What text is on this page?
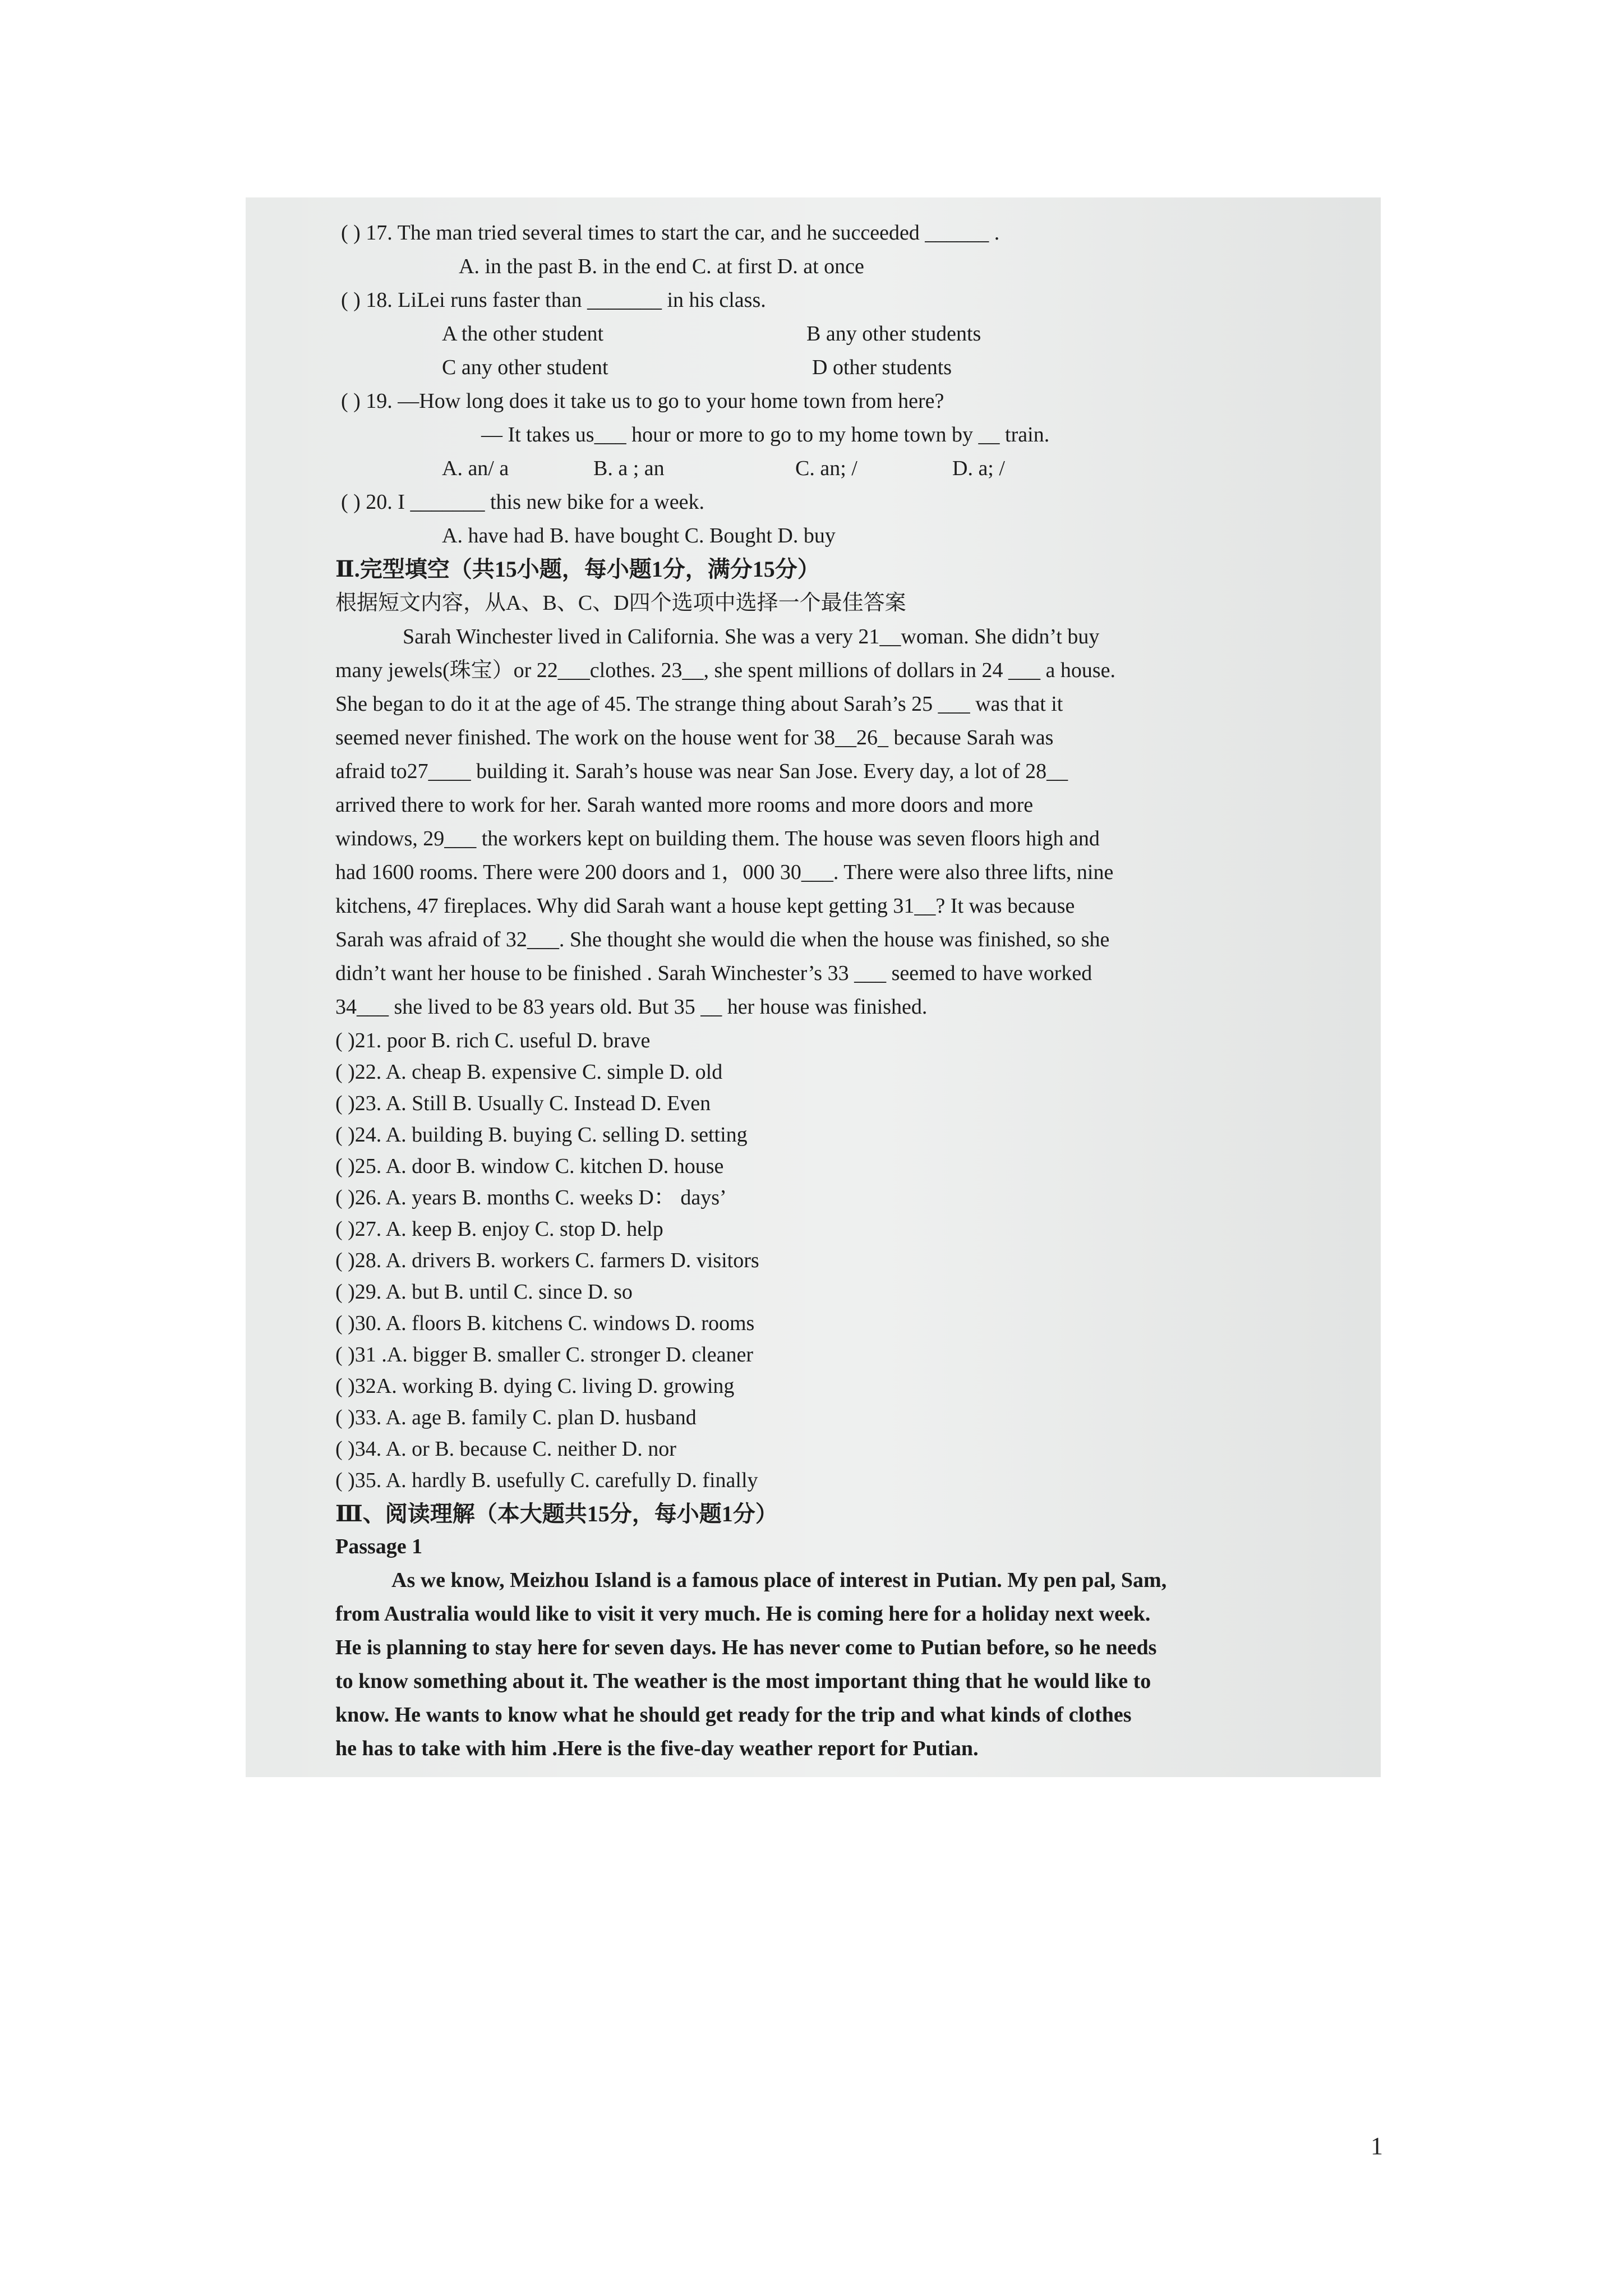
( ) 17. The man tried several times to start the car, and he succeeded ______ .
A. in the past B. in the end C. at first D. at once
( ) 18. LiLei runs faster than _______ in his class.
A the other student	B any other students
C any other student	D other students
( ) 19. —How long does it take us to go to your home town from here?
— It takes us___ hour or more to go to my home town by __ train.
A. an/ a	B. a ; an	C. an; /	D. a; /
( ) 20. I _______ this new bike for a week.
A. have had B. have bought C. Bought D. buy
Ⅱ.完型填空（共15小题，每小题1分，满分15分）
根据短文内容，从A、B、C、D四个选项中选择一个最佳答案
Sarah Winchester lived in California. She was a very 21__woman. She didn’t buy
many jewels(珠宝）or 22___clothes. 23__, she spent millions of dollars in 24 ___ a house.
She began to do it at the age of 45. The strange thing about Sarah’s 25 ___ was that it
seemed never finished. The work on the house went for 38__26_ because Sarah was
afraid to27____ building it. Sarah’s house was near San Jose. Every day, a lot of 28__
arrived there to work for her. Sarah wanted more rooms and more doors and more
windows, 29___ the workers kept on building them. The house was seven floors high and
had 1600 rooms. There were 200 doors and 1，000 30___. There were also three lifts, nine
kitchens, 47 fireplaces. Why did Sarah want a house kept getting 31__? It was because
Sarah was afraid of 32___. She thought she would die when the house was finished, so she
didn’t want her house to be finished . Sarah Winchester’s 33 ___ seemed to have worked
34___ she lived to be 83 years old. But 35 __ her house was finished.
( )21. poor B. rich C. useful D. brave
( )22. A. cheap B. expensive C. simple D. old
( )23. A. Still B. Usually C. Instead D. Even
( )24. A. building B. buying C. selling D. setting
( )25. A. door B. window C. kitchen D. house
( )26. A. years B. months C. weeks D： days’
( )27. A. keep B. enjoy C. stop D. help
( )28. A. drivers B. workers C. farmers D. visitors
( )29. A. but B. until C. since D. so
( )30. A. floors B. kitchens C. windows D. rooms
( )31 .A. bigger B. smaller C. stronger D. cleaner
( )32A. working B. dying C. living D. growing
( )33. A. age B. family C. plan D. husband
( )34. A. or B. because C. neither D. nor
( )35. A. hardly B. usefully C. carefully D. finally
Ⅲ、阅读理解（本大题共15分，每小题1分）
Passage 1
As we know, Meizhou Island is a famous place of interest in Putian. My pen pal, Sam,
from Australia would like to visit it very much. He is coming here for a holiday next week.
He is planning to stay here for seven days. He has never come to Putian before, so he needs
to know something about it. The weather is the most important thing that he would like to
know. He wants to know what he should get ready for the trip and what kinds of clothes
he has to take with him .Here is the five-day weather report for Putian.
1
